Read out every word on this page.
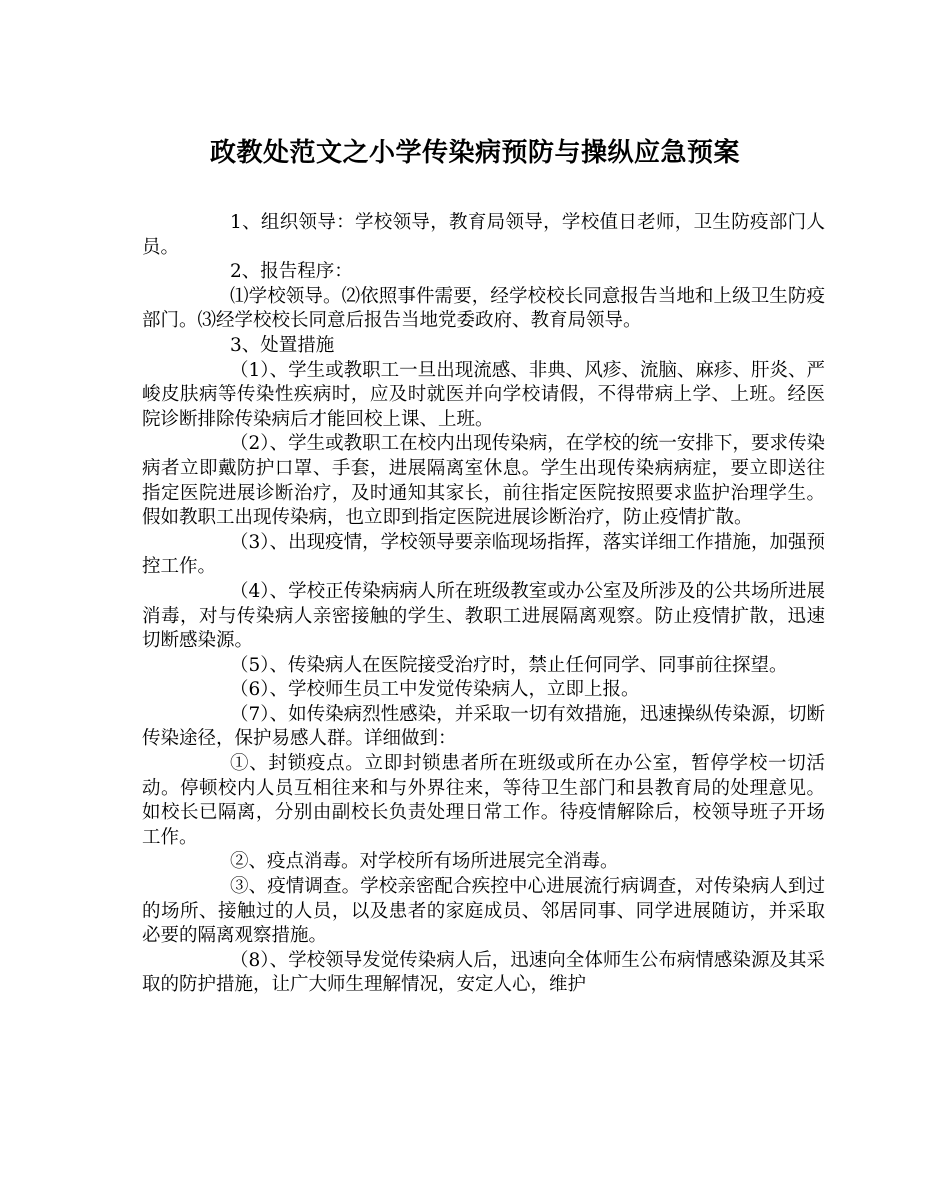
政教处范文之小学传染病预防与操纵应急预案

1、组织领导：学校领导，教育局领导，学校值日老师，卫生防疫部门人员。

2、报告程序：

⑴学校领导。⑵依照事件需要，经学校校长同意报告当地和上级卫生防疫部门。⑶经学校校长同意后报告当地党委政府、教育局领导。

3、处置措施

（1）、学生或教职工一旦出现流感、非典、风疹、流脑、麻疹、肝炎、严峻皮肤病等传染性疾病时，应及时就医并向学校请假，不得带病上学、上班。经医院诊断排除传染病后才能回校上课、上班。

（2）、学生或教职工在校内出现传染病，在学校的统一安排下，要求传染病者立即戴防护口罩、手套，进展隔离室休息。学生出现传染病病症，要立即送往指定医院进展诊断治疗，及时通知其家长，前往指定医院按照要求监护治理学生。假如教职工出现传染病，也立即到指定医院进展诊断治疗，防止疫情扩散。

（3）、出现疫情，学校领导要亲临现场指挥，落实详细工作措施，加强预控工作。

（4）、学校正传染病病人所在班级教室或办公室及所涉及的公共场所进展消毒，对与传染病人亲密接触的学生、教职工进展隔离观察。防止疫情扩散，迅速切断感染源。

（5）、传染病人在医院接受治疗时，禁止任何同学、同事前往探望。

（6）、学校师生员工中发觉传染病人，立即上报。

（7）、如传染病烈性感染，并采取一切有效措施，迅速操纵传染源，切断传染途径，保护易感人群。详细做到：

①、封锁疫点。立即封锁患者所在班级或所在办公室，暂停学校一切活动。停顿校内人员互相往来和与外界往来，等待卫生部门和县教育局的处理意见。如校长已隔离，分别由副校长负责处理日常工作。待疫情解除后，校领导班子开场工作。

②、疫点消毒。对学校所有场所进展完全消毒。

③、疫情调查。学校亲密配合疾控中心进展流行病调查，对传染病人到过的场所、接触过的人员，以及患者的家庭成员、邻居同事、同学进展随访，并采取必要的隔离观察措施。

（8）、学校领导发觉传染病人后，迅速向全体师生公布病情感染源及其采取的防护措施，让广大师生理解情况，安定人心，维护
